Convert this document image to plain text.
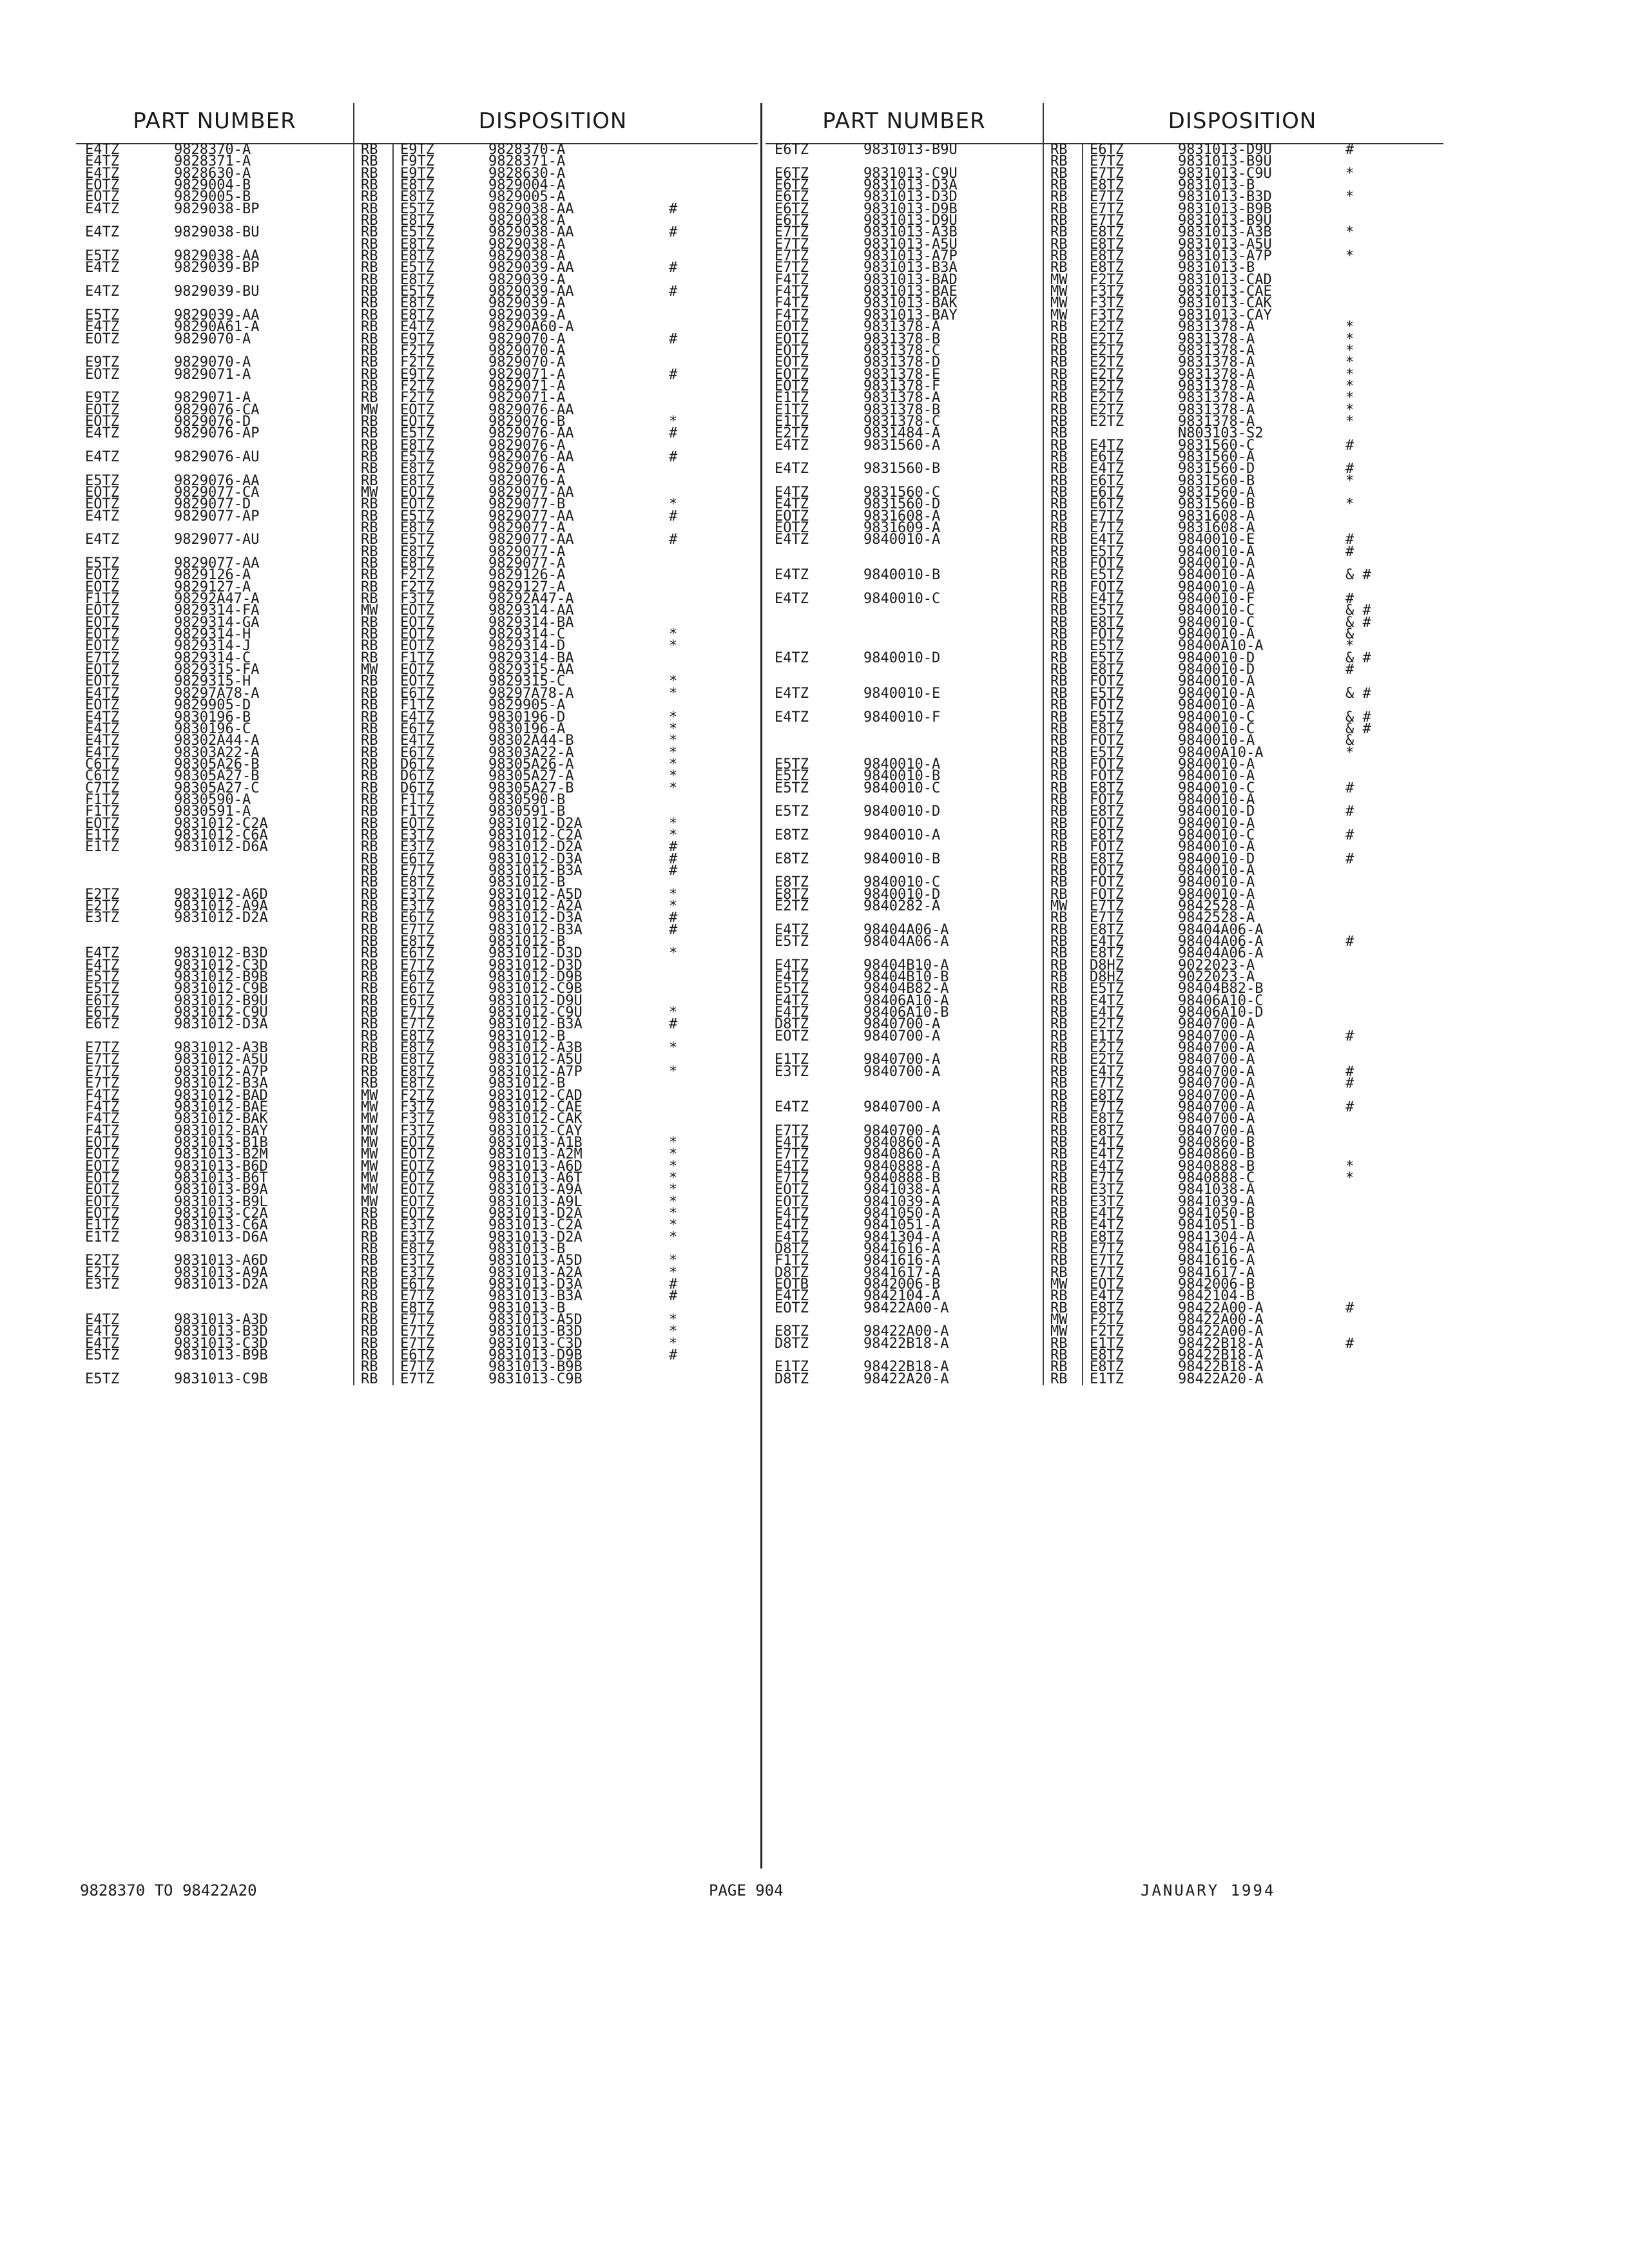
PART NUMBER	DISPOSITION
E4TZ	9828370-A	RB E9TZ	9828370-A
E4TZ	9828371-A	RB F9TZ	9828371-A
E4TZ	9828630-A	RB E9TZ	9828630-A
EOTZ	9829004-B	RB E8TZ	9829004-A
EOTZ	9829005-B	RB E8TZ	9829005-A
E4TZ	9829038-BP	RB E5TZ	9829038-AA	#
RB E8TZ	9829038-A
E4TZ	9829038-BU	RB E5TZ	9829038-AA	#
RB E8TZ	9829038-A
E5TZ	9829038-AA	RB E8TZ	9829038-A
E4TZ	9829039-BP	RB E5TZ	9829039-AA	#
RB E8TZ	9829039-A
E4TZ	9829039-BU	RB E5TZ	9829039-AA	#
RB E8TZ	9829039-A
E5TZ	9829039-AA	RB E8TZ	9829039-A
E4TZ	98290A61-A	RB E4TZ	98290A60-A
EOTZ	9829070-A	RB E9TZ	9829070-A	#
RB F2TZ	9829070-A
E9TZ	9829070-A	RB F2TZ	9829070-A
EOTZ	9829071-A	RB E9TZ	9829071-A	#
RB F2TZ	9829071-A
E9TZ	9829071-A	RB F2TZ	9829071-A
EOTZ	9829076-CA	MW EOTZ	9829076-AA
EOTZ	9829076-D	RB EOTZ	9829076-B	*
E4TZ	9829076-AP	RB E5TZ	9829076-AA	#
RB E8TZ	9829076-A
E4TZ	9829076-AU	RB E5TZ	9829076-AA	#
RB E8TZ	9829076-A
E5TZ	9829076-AA	RB E8TZ	9829076-A
EOTZ	9829077-CA	MW EOTZ	9829077-AA
EOTZ	9829077-D	RB EOTZ	9829077-B	*
E4TZ	9829077-AP	RB E5TZ	9829077-AA	#
RB E8TZ	9829077-A
E4TZ	9829077-AU	RB E5TZ	9829077-AA	#
RB E8TZ	9829077-A
E5TZ	9829077-AA	RB E8TZ	9829077-A
EOTZ	9829126-A	RB F2TZ	9829126-A
EOTZ	9829127-A	RB F2TZ	9829127-A
F1TZ	98292A47-A	RB F3TZ	98292A47-A
EOTZ	9829314-FA	MW EOTZ	9829314-AA
EOTZ	9829314-GA	RB EOTZ	9829314-BA
EOTZ	9829314-H	RB EOTZ	9829314-C	*
EOTZ	9829314-J	RB EOTZ	9829314-D	*
E7TZ	9829314-C	RB F1TZ	9829314-BA
EOTZ	9829315-FA	MW EOTZ	9829315-AA
EOTZ	9829315-H	RB EOTZ	9829315-C	*
E4TZ	98297A78-A	RB E6TZ	98297A78-A	*
EOTZ	9829905-D	RB F1TZ	9829905-A
E4TZ	9830196-B	RB E4TZ	9830196-D	*
E4TZ	9830196-C	RB E6TZ	9830196-A	*
E4TZ	98302A44-A	RB E4TZ	98302A44-B	*
E4TZ	98303A22-A	RB E6TZ	98303A22-A	*
C6TZ	98305A26-B	RB D6TZ	98305A26-A	*
C6TZ	98305A27-B	RB D6TZ	98305A27-A	*
C7TZ	98305A27-C	RB D6TZ	98305A27-B	*
F1TZ	9830590-A	RB F1TZ	9830590-B
F1TZ	9830591-A	RB F1TZ	9830591-B
EOTZ	9831012-C2A	RB EOTZ	9831012-D2A	*
E1TZ	9831012-C6A	RB E3TZ	9831012-C2A	*
E1TZ	9831012-D6A	RB E3TZ	9831012-D2A	#
RB E6TZ	9831012-D3A	#
RB E7TZ	9831012-B3A	#
RB E8TZ	9831012-B
E2TZ	9831012-A6D	RB E3TZ	9831012-A5D	*
E2TZ	9831012-A9A	RB E3TZ	9831012-A2A	*
E3TZ	9831012-D2A	RB E6TZ	9831012-D3A	#
RB E7TZ	9831012-B3A	#
RB E8TZ	9831012-B
E4TZ	9831012-B3D	RB E6TZ	9831012-D3D	*
E4TZ	9831012-C3D	RB E7TZ	9831012-D3D
E5TZ	9831012-B9B	RB E6TZ	9831012-D9B
E5TZ	9831012-C9B	RB E6TZ	9831012-C9B
E6TZ	9831012-B9U	RB E6TZ	9831012-D9U
E6TZ	9831012-C9U	RB E7TZ	9831012-C9U	*
E6TZ	9831012-D3A	RB E7TZ	9831012-B3A	#
RB E8TZ	9831012-B
E7TZ	9831012-A3B	RB E8TZ	9831012-A3B	*
E7TZ	9831012-A5U	RB E8TZ	9831012-A5U
E7TZ	9831012-A7P	RB E8TZ	9831012-A7P	*
E7TZ	9831012-B3A	RB E8TZ	9831012-B
F4TZ	9831012-BAD	MW F2TZ	9831012-CAD
F4TZ	9831012-BAE	MW F3TZ	9831012-CAE
F4TZ	9831012-BAK	MW F3TZ	9831012-CAK
F4TZ	9831012-BAY	MW F3TZ	9831012-CAY
EOTZ	9831013-B1B	MW EOTZ	9831013-A1B	*
EOTZ	9831013-B2M	MW EOTZ	9831013-A2M	*
EOTZ	9831013-B6D	MW EOTZ	9831013-A6D	*
EOTZ	9831013-B6T	MW EOTZ	9831013-A6T	*
EOTZ	9831013-B9A	MW EOTZ	9831013-A9A	*
EOTZ	9831013-B9L	MW EOTZ	9831013-A9L	*
EOTZ	9831013-C2A	RB EOTZ	9831013-D2A	*
E1TZ	9831013-C6A	RB E3TZ	9831013-C2A	*
E1TZ	9831013-D6A	RB E3TZ	9831013-D2A	*
RB E8TZ	9831013-B
E2TZ	9831013-A6D	RB E3TZ	9831013-A5D	*
E2TZ	9831013-A9A	RB E3TZ	9831013-A2A	*
E3TZ	9831013-D2A	RB E6TZ	9831013-D3A	#
RB E7TZ	9831013-B3A	#
RB E8TZ	9831013-B
E4TZ	9831013-A3D	RB E7TZ	9831013-A5D	*
E4TZ	9831013-B3D	RB E7TZ	9831013-B3D	*
E4TZ	9831013-C3D	RB E7TZ	9831013-C3D	*
E5TZ	9831013-B9B	RB E6TZ	9831013-D9B	#
RB E7TZ	9831013-B9B
E5TZ	9831013-C9B	RB E7TZ	9831013-C9B
PART NUMBER	DISPOSITION
E6TZ	9831013-B9U	RB E6TZ	9831013-D9U	#
RB E7TZ	9831013-B9U
E6TZ	9831013-C9U	RB E7TZ	9831013-C9U	*
E6TZ	9831013-D3A	RB E8TZ	9831013-B
E6TZ	9831013-D3D	RB E7TZ	9831013-B3D	*
E6TZ	9831013-D9B	RB E7TZ	9831013-B9B
E6TZ	9831013-D9U	RB E7TZ	9831013-B9U
E7TZ	9831013-A3B	RB E8TZ	9831013-A3B	*
E7TZ	9831013-A5U	RB E8TZ	9831013-A5U
E7TZ	9831013-A7P	RB E8TZ	9831013-A7P	*
E7TZ	9831013-B3A	RB E8TZ	9831013-B
F4TZ	9831013-BAD	MW F2TZ	9831013-CAD
F4TZ	9831013-BAE	MW F3TZ	9831013-CAE
F4TZ	9831013-BAK	MW F3TZ	9831013-CAK
F4TZ	9831013-BAY	MW F3TZ	9831013-CAY
EOTZ	9831378-A	RB E2TZ	9831378-A	*
EOTZ	9831378-B	RB E2TZ	9831378-A	*
EOTZ	9831378-C	RB E2TZ	9831378-A	*
EOTZ	9831378-D	RB E2TZ	9831378-A	*
EOTZ	9831378-E	RB E2TZ	9831378-A	*
EOTZ	9831378-F	RB E2TZ	9831378-A	*
E1TZ	9831378-A	RB E2TZ	9831378-A	*
E1TZ	9831378-B	RB E2TZ	9831378-A	*
E1TZ	9831378-C	RB E2TZ	9831378-A	*
E2TZ	9831484-A	RB	N803103-S2
E4TZ	9831560-A	RB E4TZ	9831560-C	#
RB E6TZ	9831560-A
E4TZ	9831560-B	RB E4TZ	9831560-D	#
RB E6TZ	9831560-B	*
E4TZ	9831560-C	RB E6TZ	9831560-A
E4TZ	9831560-D	RB E6TZ	9831560-B	*
EOTZ	9831608-A	RB E7TZ	9831608-A
EOTZ	9831609-A	RB E7TZ	9831608-A
E4TZ	9840010-A	RB E4TZ	9840010-E	#
RB E5TZ	9840010-A	#
RB FOTZ	9840010-A
E4TZ	9840010-B	RB E5TZ	9840010-A	& #
RB FOTZ	9840010-A
E4TZ	9840010-C	RB E4TZ	9840010-F	#
RB E5TZ	9840010-C	& #
RB E8TZ	9840010-C	& #
RB FOTZ	9840010-A	&
RB E5TZ	98400A10-A	*
E4TZ	9840010-D	RB E5TZ	9840010-D	& #
RB E8TZ	9840010-D	#
RB FOTZ	9840010-A
E4TZ	9840010-E	RB E5TZ	9840010-A	& #
RB FOTZ	9840010-A
E4TZ	9840010-F	RB E5TZ	9840010-C	& #
RB E8TZ	9840010-C	& #
RB FOTZ	9840010-A	&
RB E5TZ	98400A10-A	*
E5TZ	9840010-A	RB FOTZ	9840010-A
E5TZ	9840010-B	RB FOTZ	9840010-A
E5TZ	9840010-C	RB E8TZ	9840010-C	#
RB FOTZ	9840010-A
E5TZ	9840010-D	RB E8TZ	9840010-D	#
RB FOTZ	9840010-A
E8TZ	9840010-A	RB E8TZ	9840010-C	#
RB FOTZ	9840010-A
E8TZ	9840010-B	RB E8TZ	9840010-D	#
RB FOTZ	9840010-A
E8TZ	9840010-C	RB FOTZ	9840010-A
E8TZ	9840010-D	RB FOTZ	9840010-A
E2TZ	9840282-A	MW E7TZ	9842528-A
RB E7TZ	9842528-A
E4TZ	98404A06-A	RB E8TZ	98404A06-A
E5TZ	98404A06-A	RB E4TZ	98404A06-A	#
RB E8TZ	98404A06-A
E4TZ	98404B10-A	RB D8HZ	9022023-A
E4TZ	98404B10-B	RB D8HZ	9022023-A
E5TZ	98404B82-A	RB E5TZ	98404B82-B
E4TZ	98406A10-A	RB E4TZ	98406A10-C
E4TZ	98406A10-B	RB E4TZ	98406A10-D
D8TZ	9840700-A	RB E2TZ	9840700-A
EOTZ	9840700-A	RB E1TZ	9840700-A	#
RB E2TZ	9840700-A
E1TZ	9840700-A	RB E2TZ	9840700-A
E3TZ	9840700-A	RB E4TZ	9840700-A	#
RB E7TZ	9840700-A	#
RB E8TZ	9840700-A
E4TZ	9840700-A	RB E7TZ	9840700-A	#
RB E8TZ	9840700-A
E7TZ	9840700-A	RB E8TZ	9840700-A
E4TZ	9840860-A	RB E4TZ	9840860-B
E7TZ	9840860-A	RB E4TZ	9840860-B
E4TZ	9840888-A	RB E4TZ	9840888-B	*
E7TZ	9840888-B	RB E7TZ	9840888-C	*
EOTZ	9841038-A	RB E3TZ	9841038-A
EOTZ	9841039-A	RB E3TZ	9841039-A
E4TZ	9841050-A	RB E4TZ	9841050-B
E4TZ	9841051-A	RB E4TZ	9841051-B
E4TZ	9841304-A	RB E8TZ	9841304-A
D8TZ	9841616-A	RB E7TZ	9841616-A
F1TZ	9841616-A	RB E7TZ	9841616-A
D8TZ	9841617-A	RB E7TZ	9841617-A
EOTB	9842006-B	MW EOTZ	9842006-B
E4TZ	9842104-A	RB E4TZ	9842104-B
EOTZ	98422A00-A	RB E8TZ	98422A00-A	#
MW F2TZ	98422A00-A
E8TZ	98422A00-A	MW F2TZ	98422A00-A
D8TZ	98422B18-A	RB E1TZ	98422B18-A	#
RB E8TZ	98422B18-A
E1TZ	98422B18-A	RB E8TZ	98422B18-A
D8TZ	98422A20-A	RB E1TZ	98422A20-A
9828370 TO 98422A20	PAGE 904	JANUARY 1994
